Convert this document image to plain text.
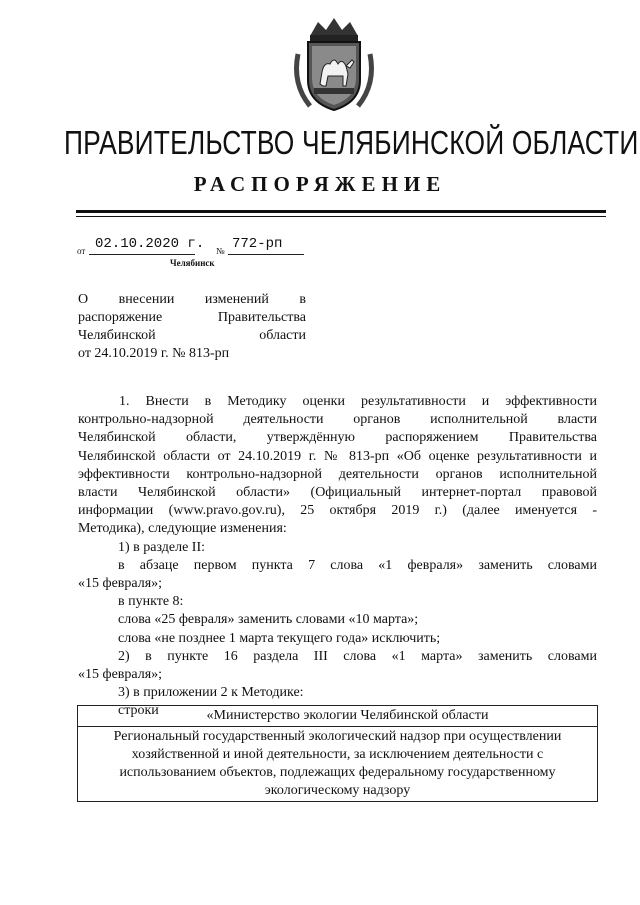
ПРАВИТЕЛЬСТВО ЧЕЛЯБИНСКОЙ ОБЛАСТИ
РАСПОРЯЖЕНИЕ
от 02.10.2020 г. № 772-рп
Челябинск
О внесении изменений в
распоряжение Правительства
Челябинской области
от 24.10.2019 г. № 813-рп

1. Внести в Методику оценки результативности и эффективности

контрольно-надзорной деятельности органов исполнительной власти

Челябинской области, утверждённую распоряжением Правительства

Челябинской области от 24.10.2019 г. № 813-рп «Об оценке результативности и

эффективности контрольно-надзорной деятельности органов исполнительной

власти Челябинской области» (Официальный интернет-портал правовой

информации (www.pravo.gov.ru), 25 октября 2019 г.) (далее именуется -

Методика), следующие изменения:

1) в разделе II:

в абзаце первом пункта 7 слова «1 февраля» заменить словами

«15 февраля»;

в пункте 8:

слова «25 февраля» заменить словами «10 марта»;

слова «не позднее 1 марта текущего года» исключить;

2) в пункте 16 раздела III слова «1 марта» заменить словами

«15 февраля»;

3) в приложении 2 к Методике:

строки	«Министерство экологии Челябинской области
Региональный государственный экологический надзор при осуществлении хозяйственной и иной деятельности, за исключением деятельности с использованием объектов, подлежащих федеральному государственному экологическому надзору
